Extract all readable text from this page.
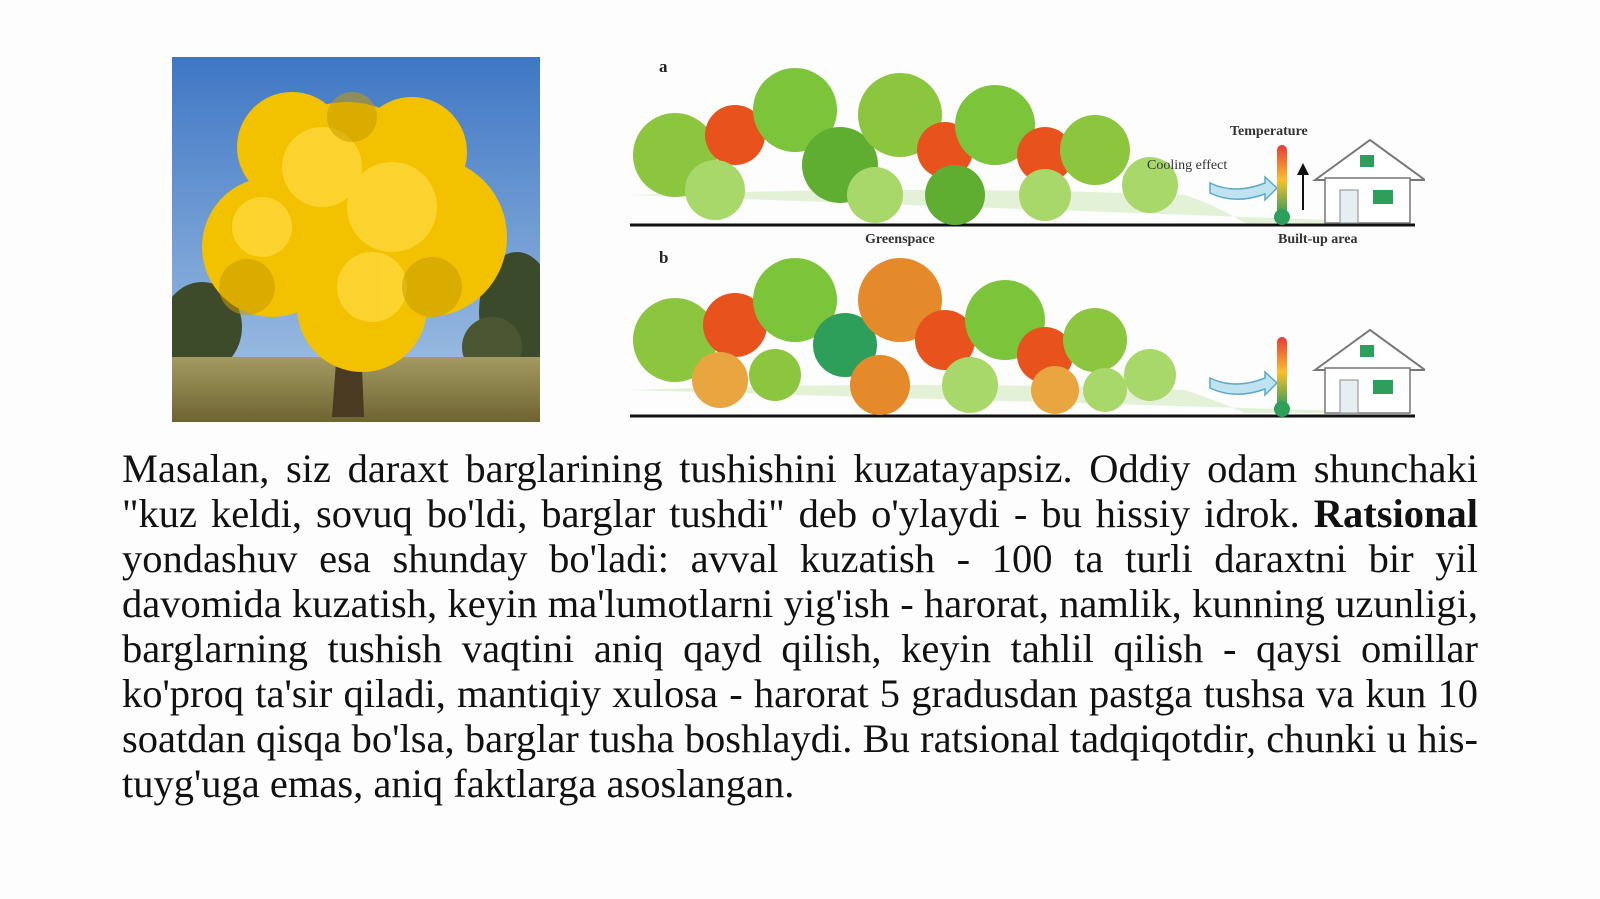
a
Temperature
Cooling effect
Greenspace	Built-up area
b

Masalan, siz daraxt barglarining tushishini kuzatayapsiz. Oddiy odam shunchaki "kuz keldi, sovuq bo'ldi, barglar tushdi" deb o'ylaydi - bu hissiy idrok. Ratsional yondashuv esa shunday bo'ladi: avval kuzatish - 100 ta turli daraxtni bir yil davomida kuzatish, keyin ma'lumotlarni yig'ish - harorat, namlik, kunning uzunligi, barglarning tushish vaqtini aniq qayd qilish, keyin tahlil qilish - qaysi omillar ko'proq ta'sir qiladi, mantiqiy xulosa - harorat 5 gradusdan pastga tushsa va kun 10 soatdan qisqa bo'lsa, barglar tusha boshlaydi. Bu ratsional tadqiqotdir, chunki u his-tuyg'uga emas, aniq faktlarga asoslangan.
